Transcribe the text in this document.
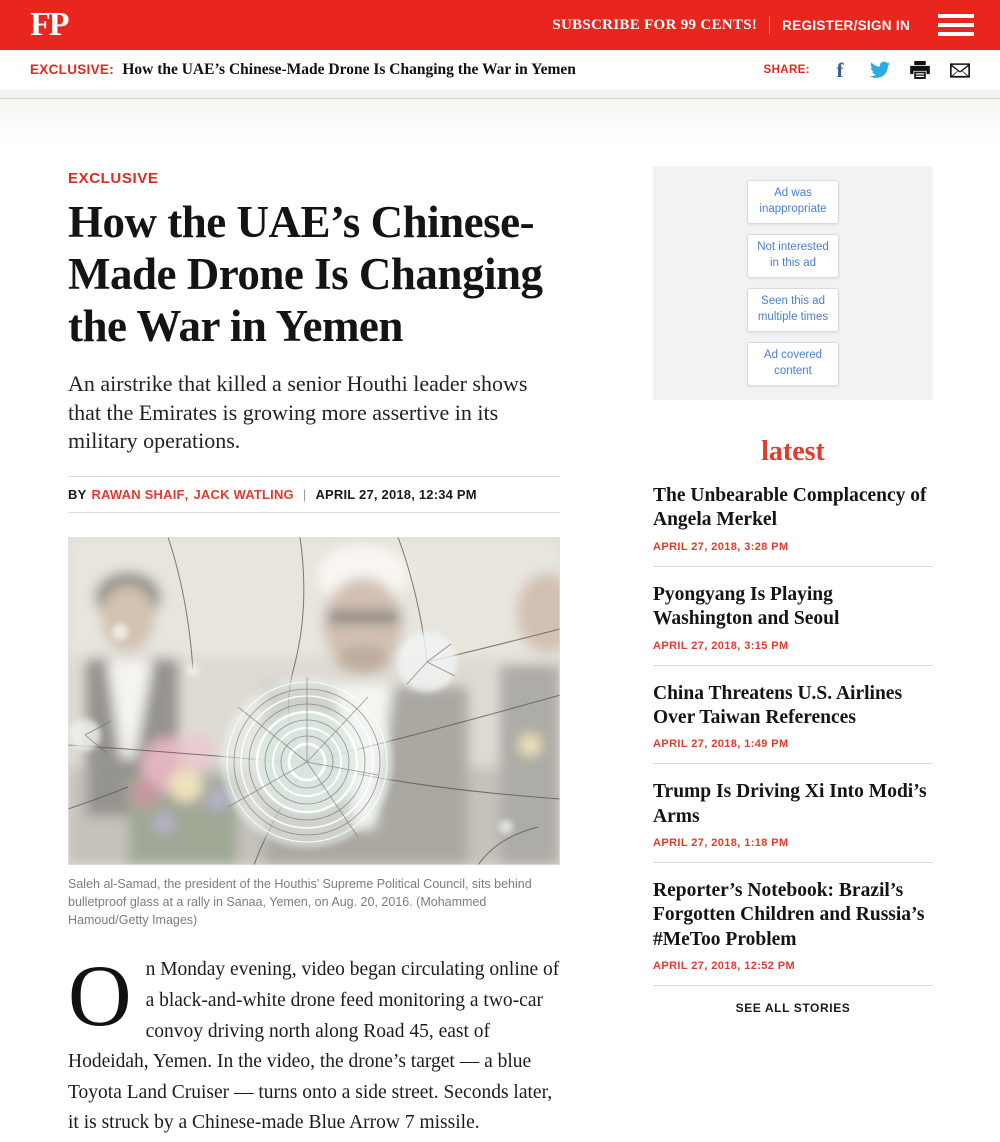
FP	SUBSCRIBE FOR 99 CENTS! REGISTER/SIGN IN
EXCLUSIVE: How the UAE’s Chinese-Made Drone Is Changing the War in Yemen	SHARE: f
EXCLUSIVE
How the UAE’s Chinese-Made Drone Is Changing the War in Yemen

An airstrike that killed a senior Houthi leader shows that the Emirates is growing more assertive in its military operations.

BY RAWAN SHAIF , JACK WATLING | APRIL 27, 2018, 12:34 PM
Saleh al-Samad, the president of the Houthis’ Supreme Political Council, sits behind bulletproof glass at a rally in Sanaa, Yemen, on Aug. 20, 2016. (Mohammed Hamoud/Getty Images)

On Monday evening, video began circulating online of a black-and-white drone feed monitoring a two-car convoy driving north along Road 45, east of Hodeidah, Yemen. In the video, the drone’s target — a blue Toyota Land Cruiser — turns onto a side street. Seconds later, it is struck by a Chinese-made Blue Arrow 7 missile.

Ad was inappropriate
Not interested in this ad
Seen this ad multiple times
Ad covered content
latest
The Unbearable Complacency of Angela Merkel
APRIL 27, 2018, 3:28 PM
Pyongyang Is Playing Washington and Seoul
APRIL 27, 2018, 3:15 PM
China Threatens U.S. Airlines Over Taiwan References
APRIL 27, 2018, 1:49 PM
Trump Is Driving Xi Into Modi’s Arms
APRIL 27, 2018, 1:18 PM
Reporter’s Notebook: Brazil’s Forgotten Children and Russia’s #MeToo Problem
APRIL 27, 2018, 12:52 PM
SEE ALL STORIES
